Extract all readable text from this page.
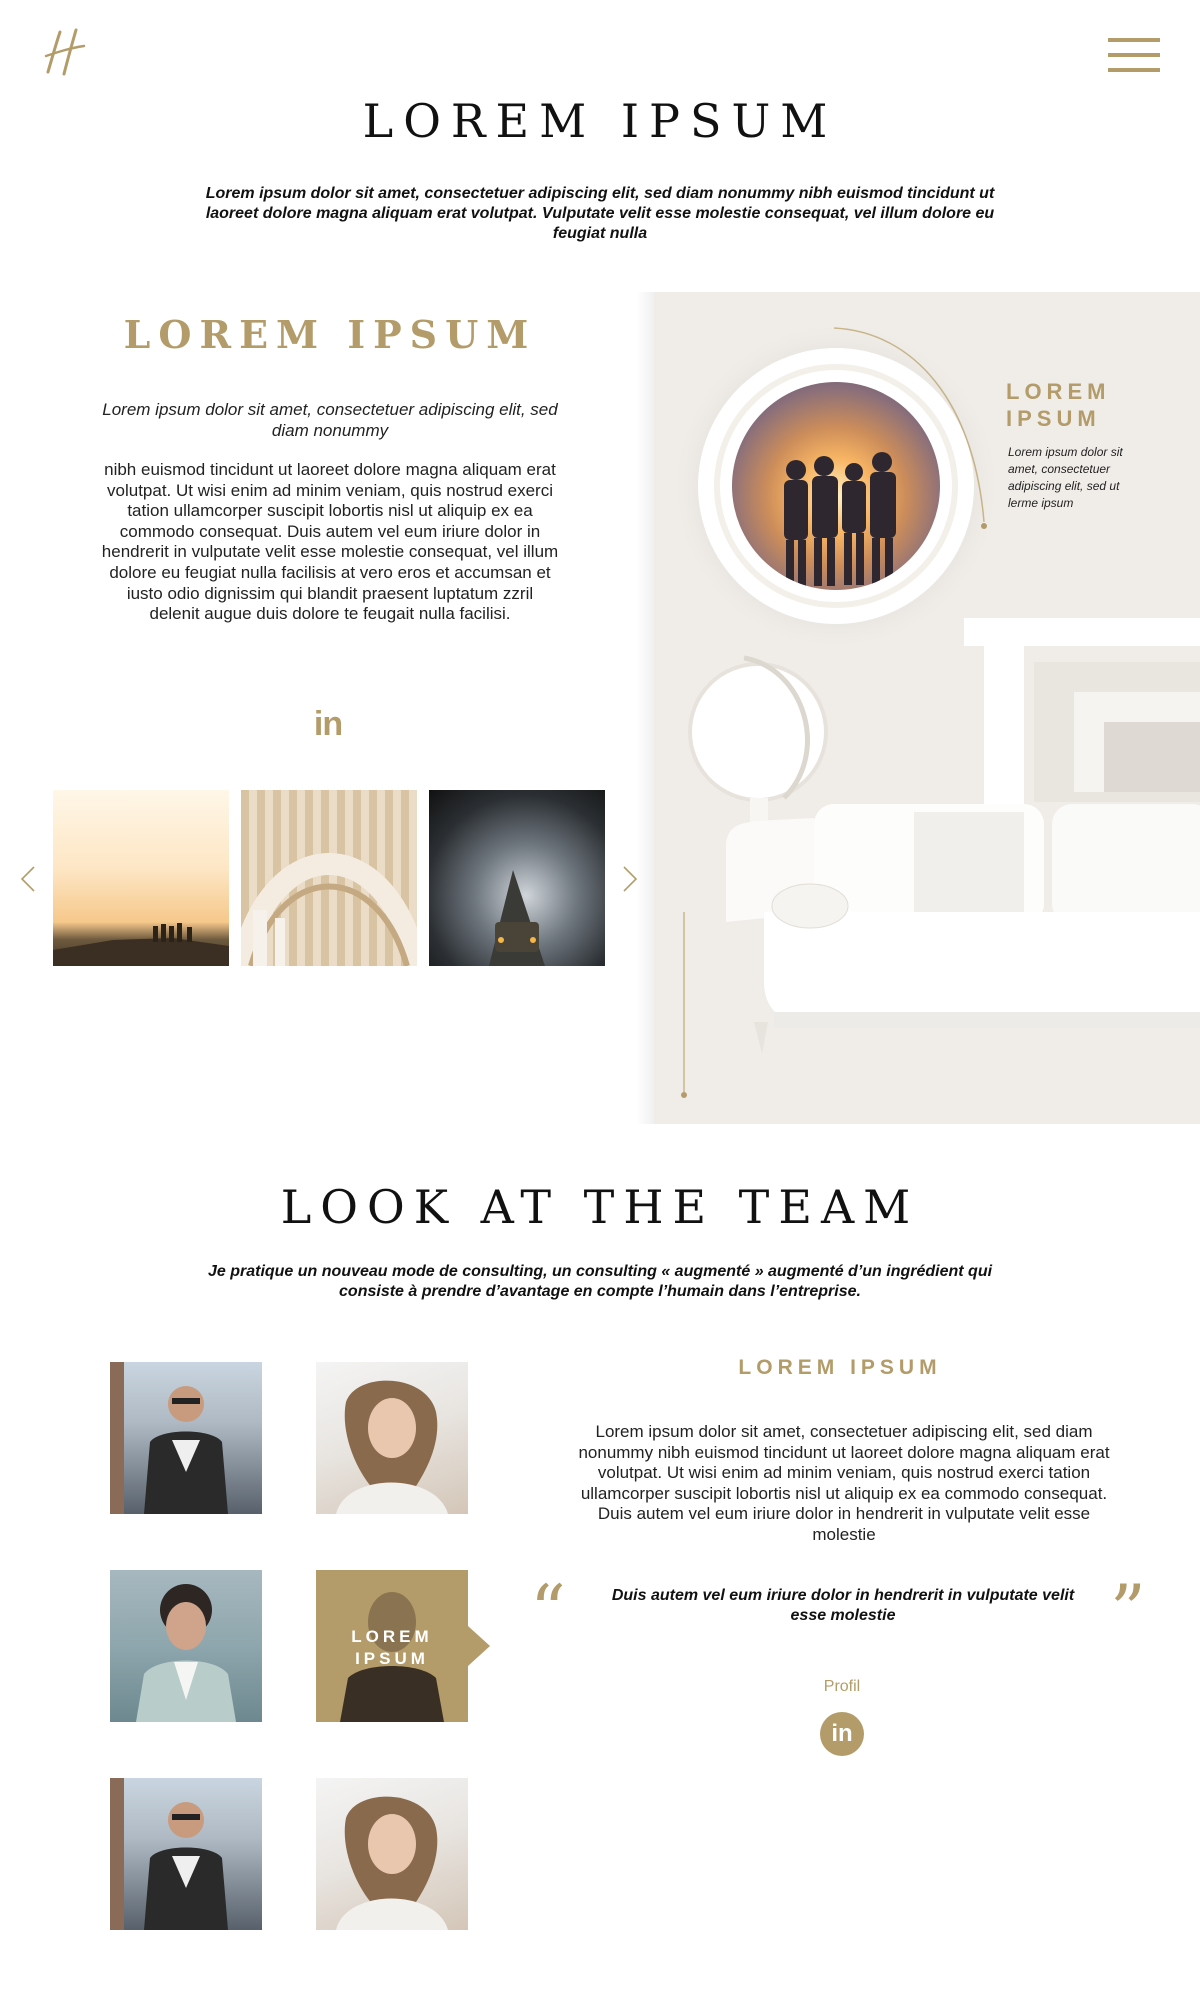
LOREM IPSUM

Lorem ipsum dolor sit amet, consectetuer adipiscing elit, sed diam nonummy nibh euismod tincidunt ut laoreet dolore magna aliquam erat volutpat. Vulputate velit esse molestie consequat, vel illum dolore eu feugiat nulla

LOREM IPSUM

Lorem ipsum dolor sit amet, consectetuer adipiscing elit, sed diam nonummy

nibh euismod tincidunt ut laoreet dolore magna aliquam erat volutpat. Ut wisi enim ad minim veniam, quis nostrud exerci tation ullamcorper suscipit lobortis nisl ut aliquip ex ea commodo consequat. Duis autem vel eum iriure dolor in hendrerit in vulputate velit esse molestie consequat, vel illum dolore eu feugiat nulla facilisis at vero eros et accumsan et iusto odio dignissim qui blandit praesent luptatum zzril delenit augue duis dolore te feugait nulla facilisi.

in
LOREM
IPSUM

Lorem ipsum dolor sit amet, consectetuer adipiscing elit, sed ut lerme ipsum

LOOK AT THE TEAM

Je pratique un nouveau mode de consulting, un consulting « augmenté » augmenté d’un ingrédient qui consiste à prendre d’avantage en compte l’humain dans l’entreprise.

LOREM
IPSUM
LOREM IPSUM

Lorem ipsum dolor sit amet, consectetuer adipiscing elit, sed diam nonummy nibh euismod tincidunt ut laoreet dolore magna aliquam erat volutpat. Ut wisi enim ad minim veniam, quis nostrud exerci tation ullamcorper suscipit lobortis nisl ut aliquip ex ea commodo consequat. Duis autem vel eum iriure dolor in hendrerit in vulputate velit esse molestie

“	Duis autem vel eum iriure dolor in hendrerit in vulputate velit esse molestie	”
Profil
in
